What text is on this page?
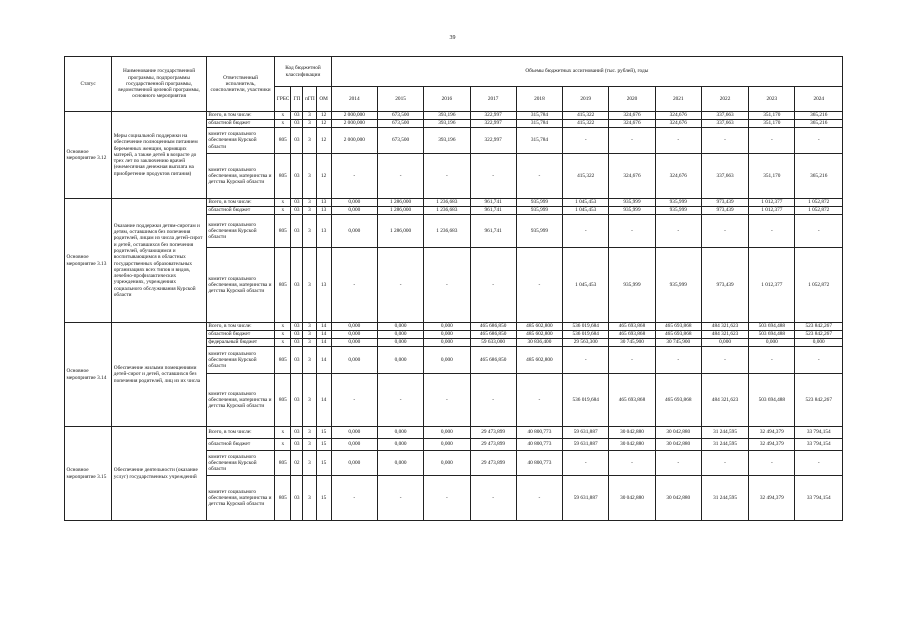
39
Статус	Наименование государственной программы, подпрограммы государственной программы, ведомственной целевой программы, основного мероприятия	Ответственный исполнитель, соисполнители, участники	Код бюджетной классификации				Объемы бюджетных ассигнований (тыс. рублей), годы										
			ГРБС	ГП	пГП	ОМ	2014	2015	2016	2017	2018	2019	2020	2021	2022	2023	2024
Основное мероприятие 3.12	Меры социальной поддержки на обеспечение полноценным питанием беременных женщин, кормящих матерей, а также детей в возрасте до трех лет по заключению врачей (ежемесячная денежная выплата на приобретение продуктов питания)	Всего, в том числе:	х	03	3	12	2 000,000	673,500	393,196	322,997	315,784	415,322	324,676	324,676	337,663	351,170	365,216
		областной бюджет	х	03	3	12	2 000,000	673,500	393,196	322,997	315,784	415,322	324,676	324,676	337,663	351,170	365,216
		комитет социального обеспечения Курской области	805	03	3	12	2 000,000	673,500	393,196	322,997	315,784	-	-	-	-	-	-
		комитет социального обеспечения, материнства и детства Курской области	805	03	3	12	-	-	-	-	-	415,322	324,676	324,676	337,663	351,170	365,216
Основное мероприятие 3.13	Оказание поддержки детям-сиротам и детям, оставшимся без попечения родителей, лицам из числа детей-сирот и детей, оставшихся без попечения родителей, обучающимся и воспитывающимся в областных государственных образовательных организациях всех типов и видов, лечебно-профилактических учреждениях, учреждениях социального обслуживания Курской области	Всего, в том числе:	х	03	3	13	0,000	1 286,000	1 236,683	961,741	935,999	1 045,453	935,999	935,999	973,439	1 012,377	1 052,872
		областной бюджет	х	03	3	13	0,000	1 286,000	1 236,683	961,741	935,999	1 045,453	935,999	935,999	973,439	1 012,377	1 052,872
		комитет социального обеспечения Курской области	805	03	3	13	0,000	1 286,000	1 236,683	961,741	935,999	-	-	-	-	-	-
		комитет социального обеспечения, материнства и детства Курской области	805	03	3	13	-	-	-	-	-	1 045,453	935,999	935,999	973,439	1 012,377	1 052,872
Основное мероприятие 3.14	Обеспечение жилыми помещениями детей-сирот и детей, оставшихся без попечения родителей, лиц из их числа	Всего, в том числе:	х	03	3	14	0,000	0,000	0,000	465 686,850	485 602,800	536 019,684	465 693,868	465 693,868	484 321,623	503 694,488	523 842,267
		областной бюджет	х	03	3	14	0,000	0,000	0,000	465 686,850	485 602,800	536 019,684	465 693,868	465 693,868	484 321,623	503 694,488	523 842,267
		федеральный бюджет	х	03	3	14	0,000	0,000	0,000	59 633,000	30 836,400	29 563,300	30 745,900	30 745,900	0,000	0,000	0,000
		комитет социального обеспечения Курской области	805	03	3	14	0,000	0,000	0,000	465 686,850	485 602,800	-	-	-	-	-	-
		комитет социального обеспечения, материнства и детства Курской области	805	03	3	14	-	-	-	-	-	536 019,684	465 693,868	465 693,868	484 321,623	503 694,488	523 842,267
Основное мероприятие 3.15	Обеспечение деятельности (оказание услуг) государственных учреждений	Всего, в том числе:	х	03	3	15	0,000	0,000	0,000	29 473,899	40 800,773	59 631,887	30 042,880	30 042,880	31 244,595	32 494,379	33 794,154
		областной бюджет	х	03	3	15	0,000	0,000	0,000	29 473,899	40 800,773	59 631,887	30 042,880	30 042,880	31 244,595	32 494,379	33 794,154
		комитет социального обеспечения Курской области	805	02	3	15	0,000	0,000	0,000	29 473,899	40 800,773	-	-	-	-	-	-
		комитет социального обеспечения, материнства и детства Курской области	805	03	3	15	-	-	-	-	-	59 631,887	30 042,880	30 042,880	31 244,595	32 494,379	33 794,154
